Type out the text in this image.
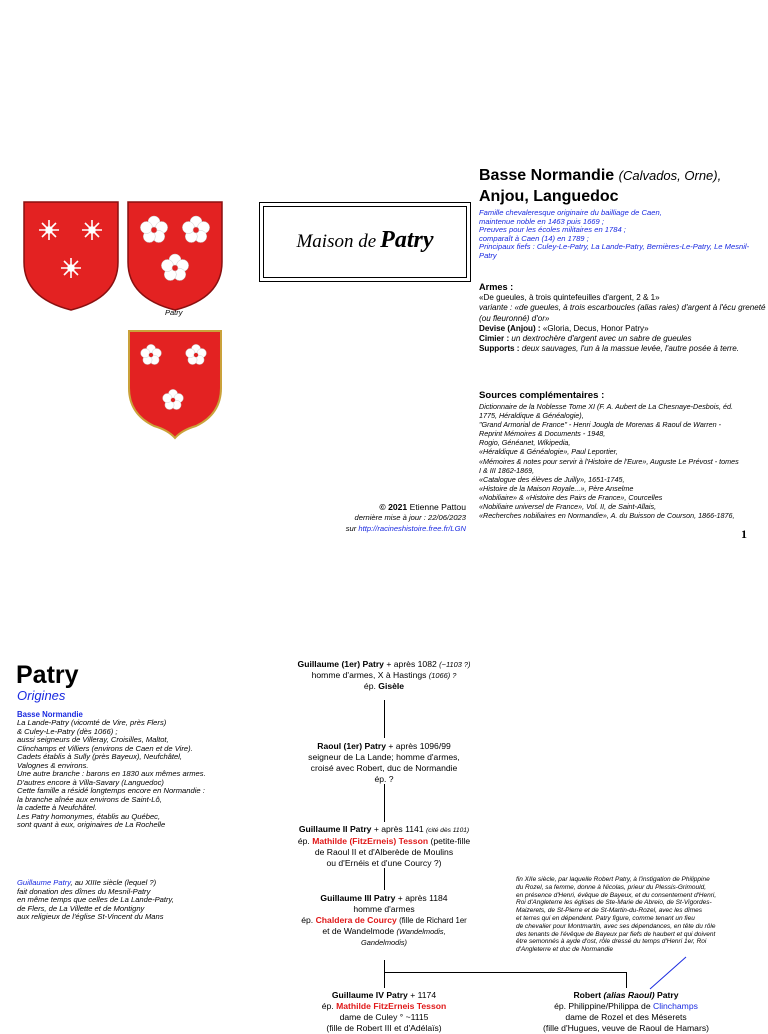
Patry
Maison de Patry
Basse Normandie (Calvados, Orne),
Anjou, Languedoc
Famille chevaleresque originaire du bailliage de Caen,
maintenue noble en 1463 puis 1669 ;
Preuves pour les écoles militaires en 1784 ;
comparaît à Caen (14) en 1789 ;
Principaux fiefs : Culey-Le-Patry, La Lande-Patry, Bernières-Le-Patry, Le Mesnil-Patry
Armes :
«De gueules, à trois quintefeuilles d'argent, 2 & 1»
variante : «de gueules, à trois escarboucles (alias raies) d'argent à l'écu greneté (ou fleuronné) d'or»
Devise (Anjou) : «Gloria, Decus, Honor Patry»
Cimier : un dextrochère d'argent avec un sabre de gueules
Supports : deux sauvages, l'un à la massue levée, l'autre posée à terre.
Sources complémentaires :
Dictionnaire de la Noblesse Tome XI (F. A. Aubert de La Chesnaye-Desbois, éd. 1775, Héraldique & Généalogie),
"Grand Armorial de France" - Henri Jougla de Morenas & Raoul de Warren - Reprint Mémoires & Documents - 1948,
Rogio, Généanet, Wikipedia,
«Héraldique & Généalogie», Paul Leportier,
«Mémoires & notes pour servir à l'Histoire de l'Eure», Auguste Le Prévost - tomes I & III 1862-1869,
«Catalogue des élèves de Juilly», 1651-1745,
«Histoire de la Maison Royale...», Père Anselme
«Nobiliaire» & «Histoire des Pairs de France», Courcelles
«Nobiliaire universel de France», Vol. II, de Saint-Allais,
«Recherches nobiliaires en Normandie», A. du Buisson de Courson, 1866-1876,
© 2021 Etienne Pattou
dernière mise à jour : 22/06/2023
sur http://racineshistoire.free.fr/LGN	1
Patry
Origines
Basse Normandie
La Lande-Patry (vicomté de Vire, près Flers)
& Culey-Le-Patry (dès 1066) ;
aussi seigneurs de Villeray, Croisilles, Maltot,
Clinchamps et Villiers (environs de Caen et de Vire).
Cadets établis à Sully (près Bayeux), Neufchâtel,
Valognes & environs.
Une autre branche : barons en 1830 aux mêmes armes.
D'autres encore à Villa-Savary (Languedoc)
Cette famille a résidé longtemps encore en Normandie :
la branche aînée aux environs de Saint-Lô,
la cadette à Neufchâtel.
Les Patry homonymes, établis au Québec,
sont quant à eux, originaires de La Rochelle
Guillaume Patry, au XIIIe siècle (lequel ?)
fait donation des dîmes du Mesnil-Patry
en même temps que celles de La Lande-Patry,
de Flers, de La Villette et de Montigny
aux religieux de l'église St-Vincent du Mans
fin XIIe siècle, par laquelle Robert Patry, à l'instigation de Philippine
du Rozel, sa femme, donne à Nicolas, prieur du Plessis-Grimould,
en présence d'Henri, évêque de Bayeux, et du consentement d'Henri,
Roi d'Angleterre les églises de Ste-Marie de Abreio, de St-Vigordes-
Maizerets, de St-Pierre et de St-Martin-du-Rozel, avec les dîmes
et terres qui en dépendent. Patry figure, comme tenant un fieu
de chevalier pour Montmartin, avec ses dépendances, en tête du rôle
des tenants de l'évêque de Bayeux par fiefs de haubert et qui doivent
être semonnés à ayde d'ost, rôle dressé du temps d'Henri 1er, Roi
d'Angleterre et duc de Normandie
Guillaume (1er) Patry + après 1082 (~1103 ?)
homme d'armes, X à Hastings (1066) ?
ép. Gisèle
Raoul (1er) Patry + après 1096/99
seigneur de La Lande; homme d'armes,
croisé avec Robert, duc de Normandie
ép. ?
Guillaume II Patry + après 1141 (cité dès 1101)
ép. Mathilde (FitzErneis) Tesson (petite-fille
de Raoul II et d'Alberède de Moulins
ou d'Ernéis et d'une Courcy ?)
Guillaume III Patry + après 1184
homme d'armes
ép. Chaldera de Courcy (fille de Richard 1er
et de Wandelmode (Wandelmodis,
Gandelmodis)
Guillaume IV Patry + 1174
ép. Mathilde FitzErneis Tesson
dame de Culey ° ~1115
(fille de Robert III et d'Adélaïs)
Robert (alias Raoul) Patry
ép. Philippine/Philippa de Clinchamps
dame de Rozel et des Méserets
(fille d'Hugues, veuve de Raoul de Hamars)
